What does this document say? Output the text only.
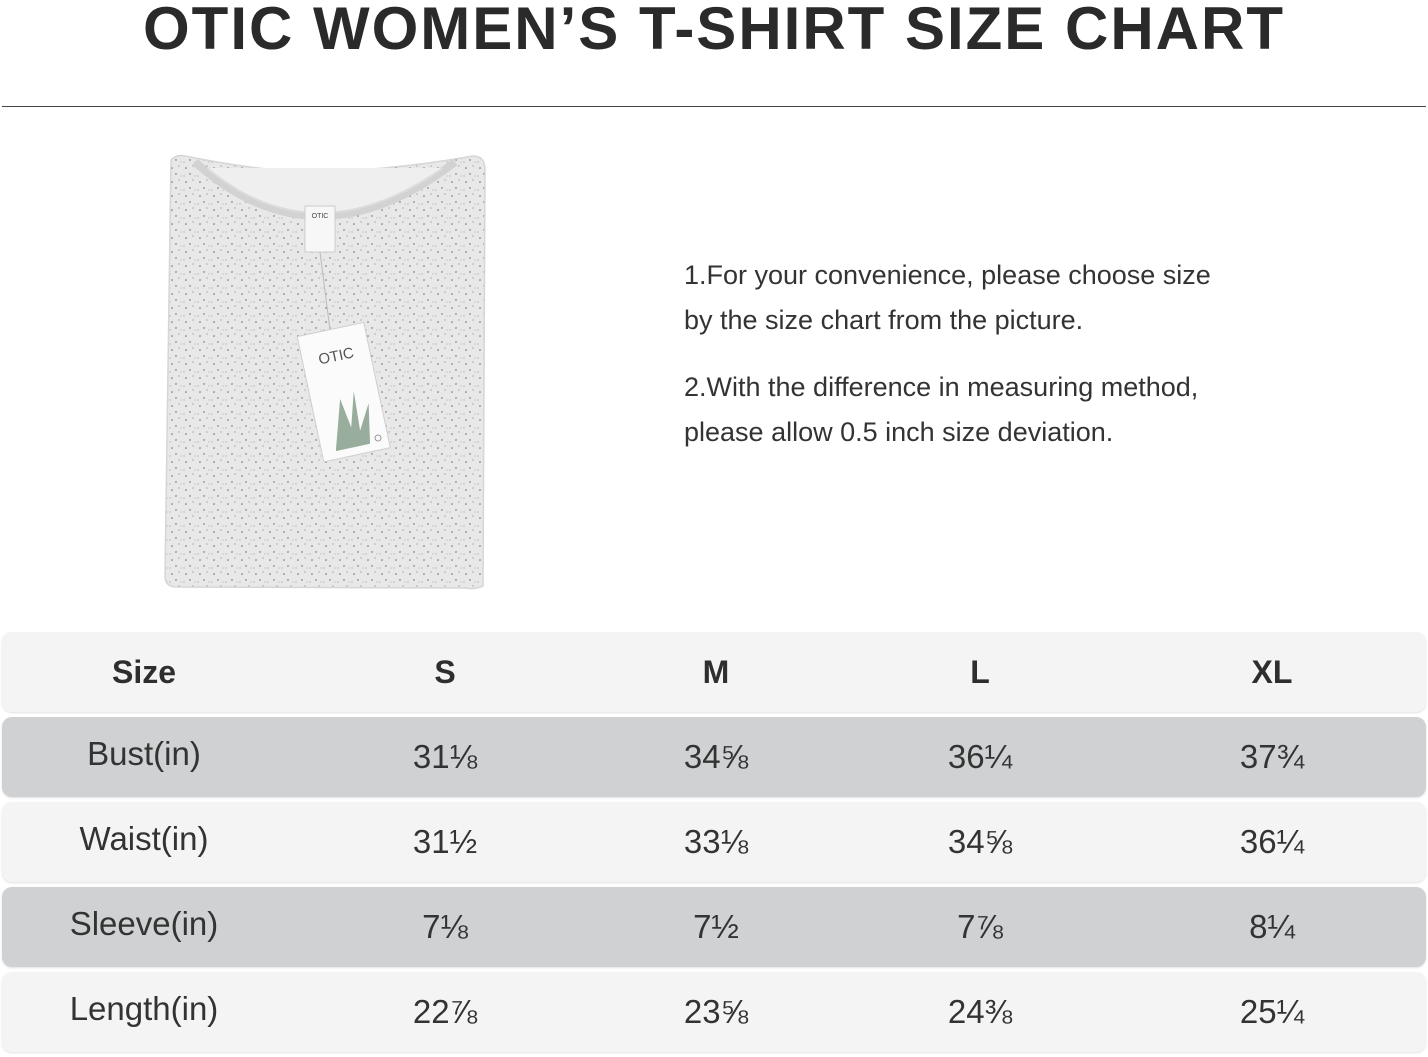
OTIC WOMEN’S T-SHIRT SIZE CHART
OTIC
OTIC

1.For your convenience, please choose size
by the size chart from the picture.

2.With the difference in measuring method,
please allow 0.5 inch size deviation.

Size	S	M	L	XL
Bust(in)	31⅛	34⅝	36¼	37¾
Waist(in)	31½	33⅛	34⅝	36¼
Sleeve(in)	7⅛	7½	7⅞	8¼
Length(in)	22⅞	23⅝	24⅜	25¼
